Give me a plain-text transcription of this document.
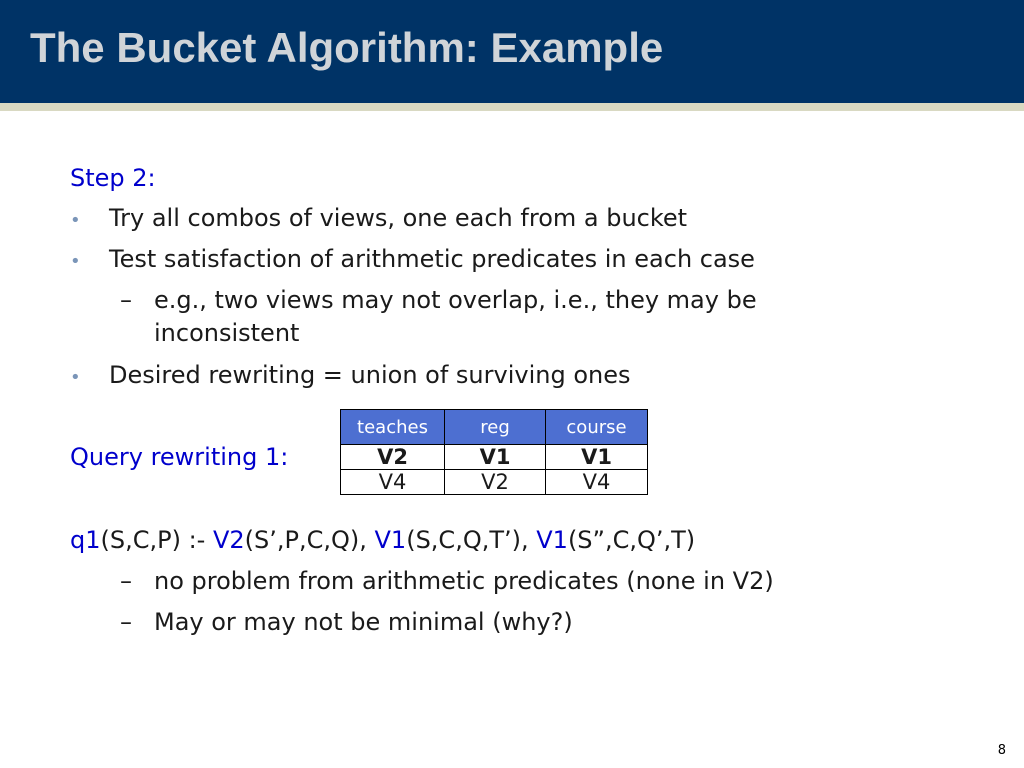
The Bucket Algorithm: Example
Step 2:
• Try all combos of views, one each from a bucket
• Test satisfaction of arithmetic predicates in each case
– e.g., two views may not overlap, i.e., they may be
inconsistent
• Desired rewriting = union of surviving ones
Query rewriting 1:
teaches	reg	course
V2	V1	V1
V4	V2	V4
q1(S,C,P) :- V2(S’,P,C,Q), V1(S,C,Q,T’), V1(S”,C,Q’,T)
– no problem from arithmetic predicates (none in V2)
– May or may not be minimal (why?)
8
